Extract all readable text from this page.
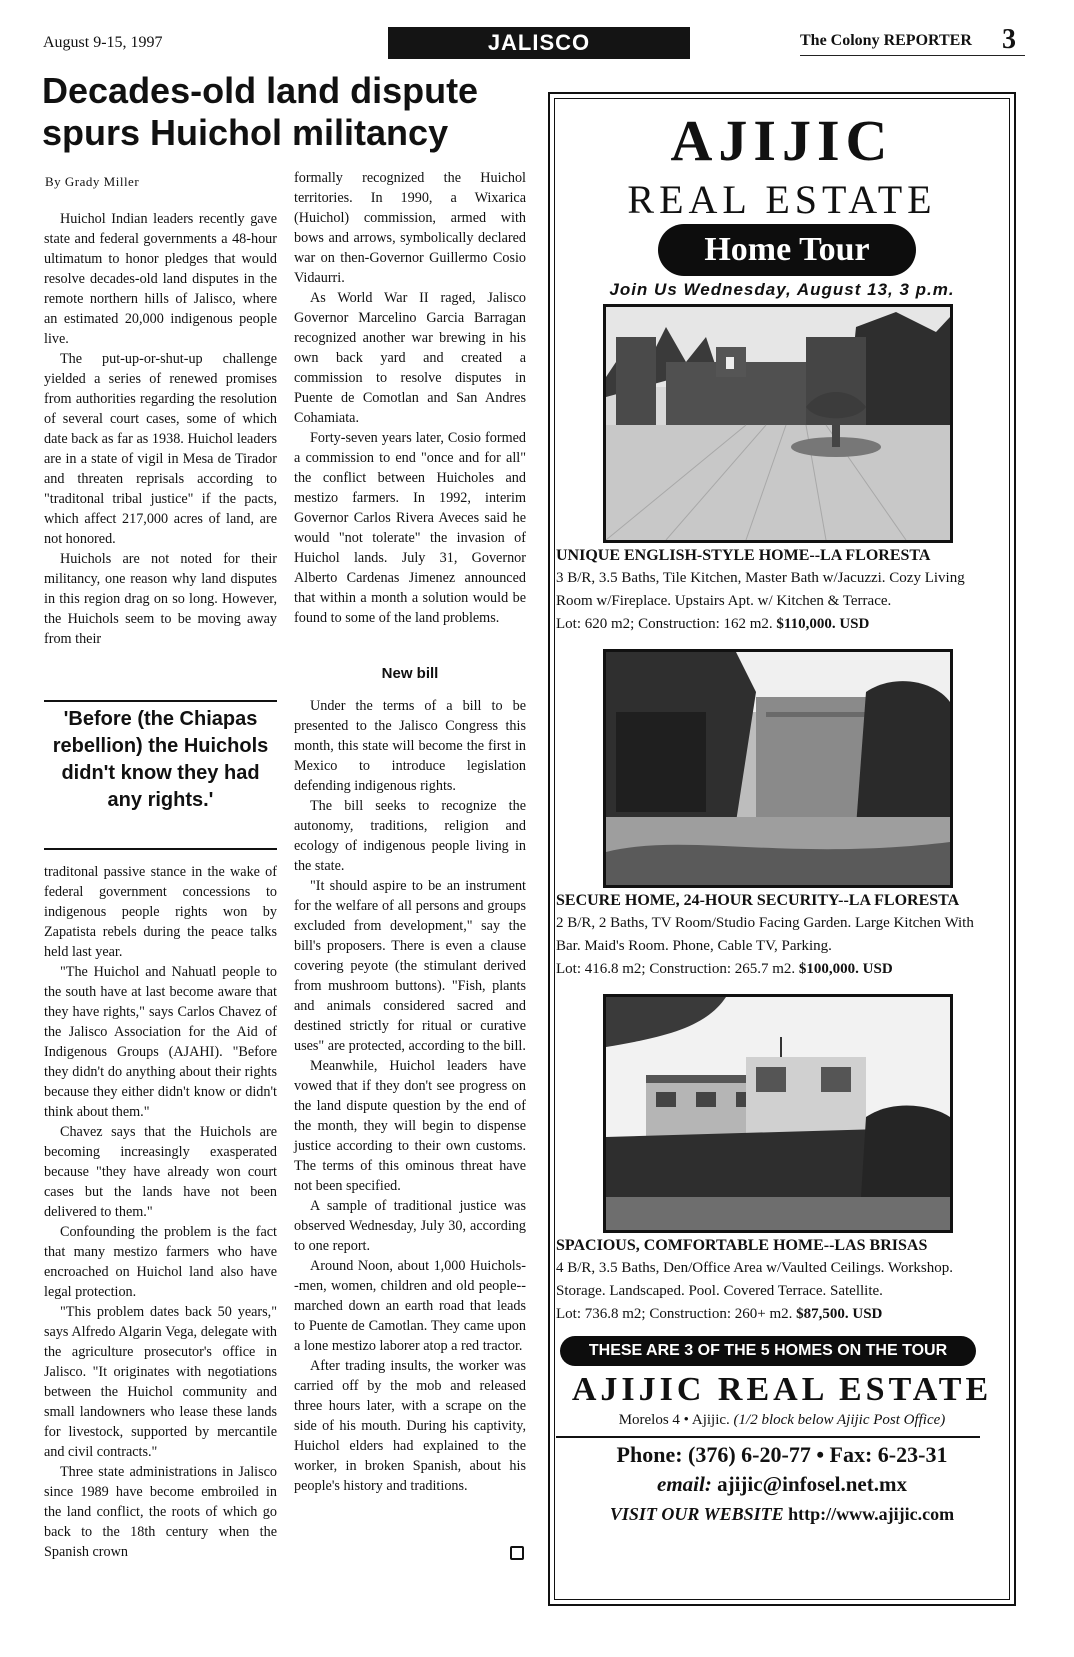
August 9-15, 1997	JALISCO	The Colony REPORTER 3
Decades-old land dispute spurs Huichol militancy
By Grady Miller

Huichol Indian leaders recently gave state and federal governments a 48-hour ultimatum to honor pledges that would resolve decades-old land disputes in the remote northern hills of Jalisco, where an estimated 20,000 indigenous people live.

The put-up-or-shut-up challenge yielded a series of renewed promises from authorities regarding the resolution of several court cases, some of which date back as far as 1938. Huichol leaders are in a state of vigil in Mesa de Tirador and threaten reprisals according to "traditonal tribal justice" if the pacts, which affect 217,000 acres of land, are not honored.

Huichols are not noted for their militancy, one reason why land disputes in this region drag on so long. However, the Huichols seem to be moving away from their

'Before (the Chiapas rebellion) the Huichols didn't know they had any rights.'

traditonal passive stance in the wake of federal government concessions to indigenous people rights won by Zapatista rebels during the peace talks held last year.

"The Huichol and Nahuatl people to the south have at last become aware that they have rights," says Carlos Chavez of the Jalisco Association for the Aid of Indigenous Groups (AJAHI). "Before they didn't do anything about their rights because they either didn't know or didn't think about them."

Chavez says that the Huichols are becoming increasingly exasperated because "they have already won court cases but the lands have not been delivered to them."

Confounding the problem is the fact that many mestizo farmers who have encroached on Huichol land also have legal protection.

"This problem dates back 50 years," says Alfredo Algarin Vega, delegate with the agriculture prosecutor's office in Jalisco. "It originates with negotiations between the Huichol community and small landowners who lease these lands for livestock, supported by mercantile and civil contracts."

Three state administrations in Jalisco since 1989 have become embroiled in the land conflict, the roots of which go back to the 18th century when the Spanish crown

formally recognized the Huichol territories. In 1990, a Wixarica (Huichol) commission, armed with bows and arrows, symbolically declared war on then-Governor Guillermo Cosio Vidaurri.

As World War II raged, Jalisco Governor Marcelino Garcia Barragan recognized another war brewing in his own back yard and created a commission to resolve disputes in Puente de Comotlan and San Andres Cohamiata.

Forty-seven years later, Cosio formed a commission to end "once and for all" the conflict between Huicholes and mestizo farmers. In 1992, interim Governor Carlos Rivera Aveces said he would "not tolerate" the invasion of Huichol lands. July 31, Governor Alberto Cardenas Jimenez announced that within a month a solution would be found to some of the land problems.

New bill

Under the terms of a bill to be presented to the Jalisco Congress this month, this state will become the first in Mexico to introduce legislation defending indigenous rights.

The bill seeks to recognize the autonomy, traditions, religion and ecology of indigenous people living in the state.

"It should aspire to be an instrument for the welfare of all persons and groups excluded from development," say the bill's proposers. There is even a clause covering peyote (the stimulant derived from mushroom buttons). "Fish, plants and animals considered sacred and destined strictly for ritual or curative uses" are protected, according to the bill.

Meanwhile, Huichol leaders have vowed that if they don't see progress on the land dispute question by the end of the month, they will begin to dispense justice according to their own customs. The terms of this ominous threat have not been specified.

A sample of traditional justice was observed Wednesday, July 30, according to one report.

Around Noon, about 1,000 Huichols--men, women, children and old people--marched down an earth road that leads to Puente de Camotlan. They came upon a lone mestizo laborer atop a red tractor.

After trading insults, the worker was carried off by the mob and released three hours later, with a scrape on the side of his mouth. During his captivity, Huichol elders had explained to the worker, in broken Spanish, about his people's history and traditions.

AJIJIC
REAL ESTATE
Home Tour
Join Us Wednesday, August 13, 3 p.m.
UNIQUE ENGLISH-STYLE HOME--LA FLORESTA
3 B/R, 3.5 Baths, Tile Kitchen, Master Bath w/Jacuzzi. Cozy Living Room w/Fireplace. Upstairs Apt. w/ Kitchen & Terrace.
Lot: 620 m2; Construction: 162 m2. $110,000. USD
SECURE HOME, 24-HOUR SECURITY--LA FLORESTA
2 B/R, 2 Baths, TV Room/Studio Facing Garden. Large Kitchen With Bar. Maid's Room. Phone, Cable TV, Parking.
Lot: 416.8 m2; Construction: 265.7 m2. $100,000. USD
SPACIOUS, COMFORTABLE HOME--LAS BRISAS
4 B/R, 3.5 Baths, Den/Office Area w/Vaulted Ceilings. Workshop. Storage. Landscaped. Pool. Covered Terrace. Satellite.
Lot: 736.8 m2; Construction: 260+ m2. $87,500. USD
THESE ARE 3 OF THE 5 HOMES ON THE TOUR
AJIJIC REAL ESTATE
Morelos 4 • Ajijic. (1/2 block below Ajijic Post Office)
Phone: (376) 6-20-77 • Fax: 6-23-31
email: ajijic@infosel.net.mx
VISIT OUR WEBSITE http://www.ajijic.com
